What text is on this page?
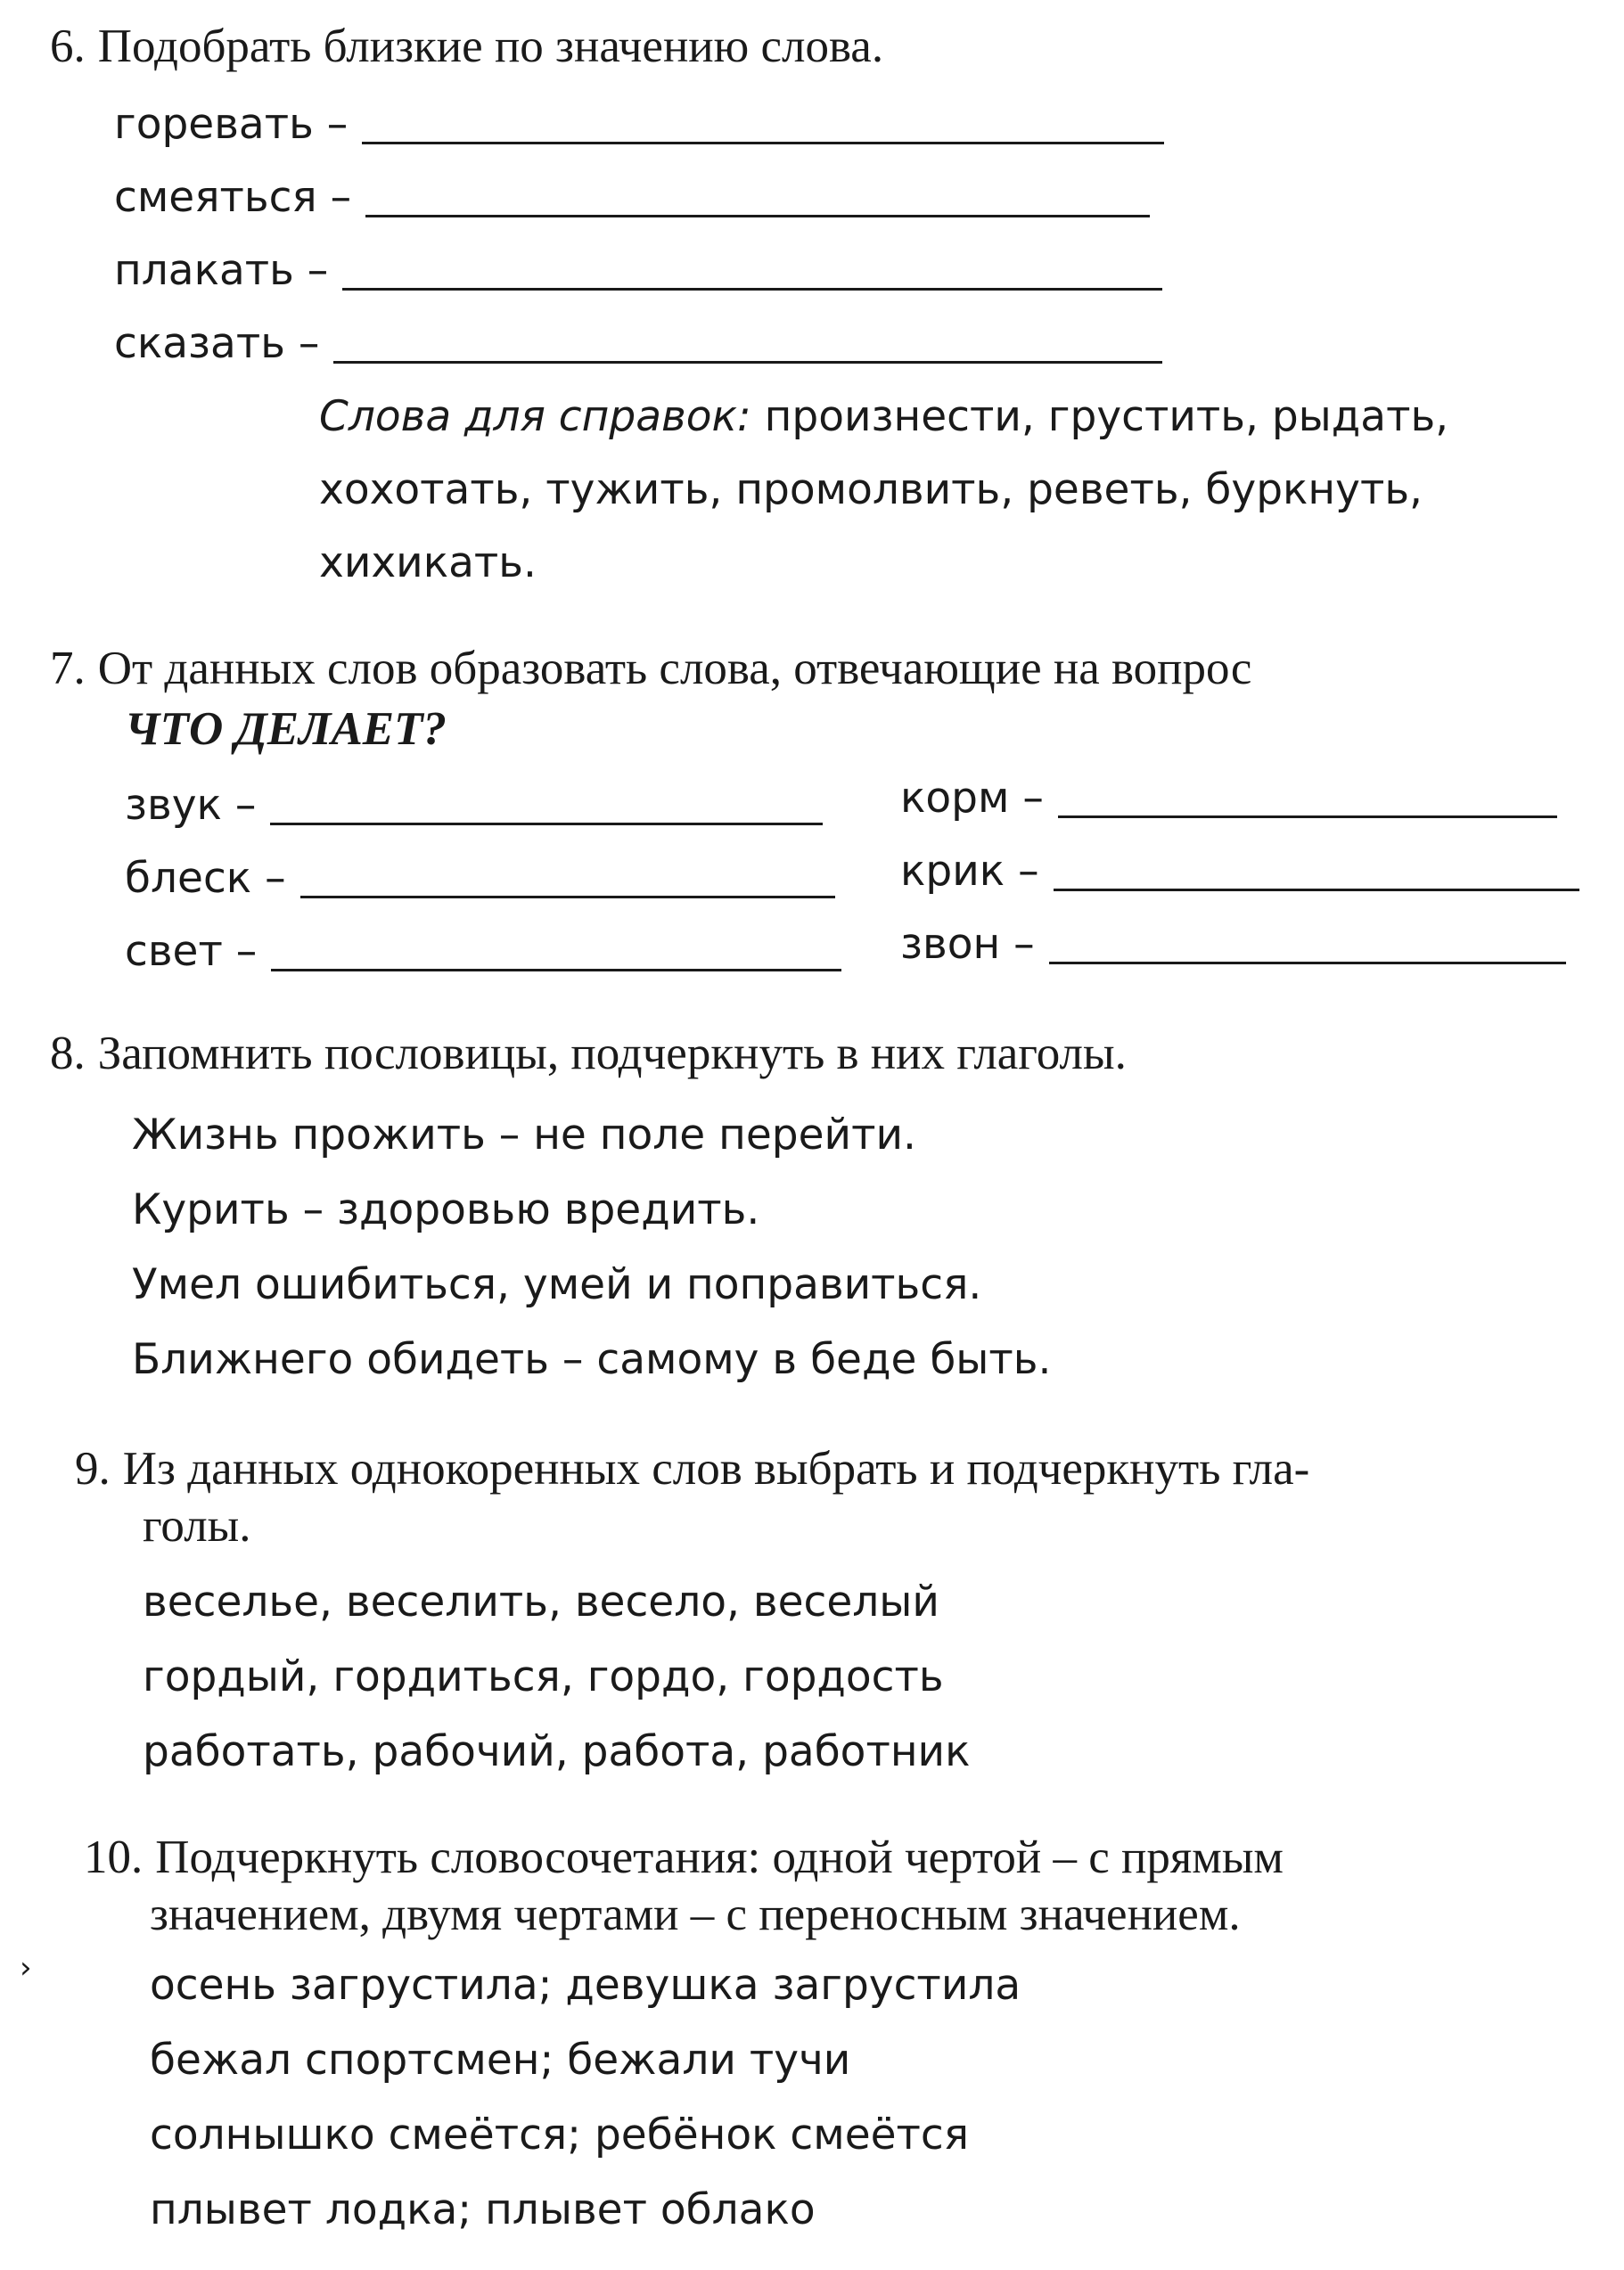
6. Подобрать близкие по значению слова.
горевать –
смеяться –
плакать –
сказать –
Слова для справок: произнести, грустить, рыдать,
хохотать, тужить, промолвить, реветь, буркнуть,
хихикать.
7. От данных слов образовать слова, отвечающие на вопрос
ЧТО ДЕЛАЕТ?
звук –
блеск –
свет –
корм –
крик –
звон –
8. Запомнить пословицы, подчеркнуть в них глаголы.
Жизнь прожить – не поле перейти.
Курить – здоровью вредить.
Умел ошибиться, умей и поправиться.
Ближнего обидеть – самому в беде быть.
9. Из данных однокоренных слов выбрать и подчеркнуть гла-
голы.
веселье, веселить, весело, веселый
гордый, гордиться, гордо, гордость
работать, рабочий, работа, работник
10. Подчеркнуть словосочетания: одной чертой – с прямым
значением, двумя чертами – с переносным значением.
осень загрустила; девушка загрустила
бежал спортсмен; бежали тучи
солнышко смеётся; ребёнок смеётся
плывет лодка; плывет облако
›
